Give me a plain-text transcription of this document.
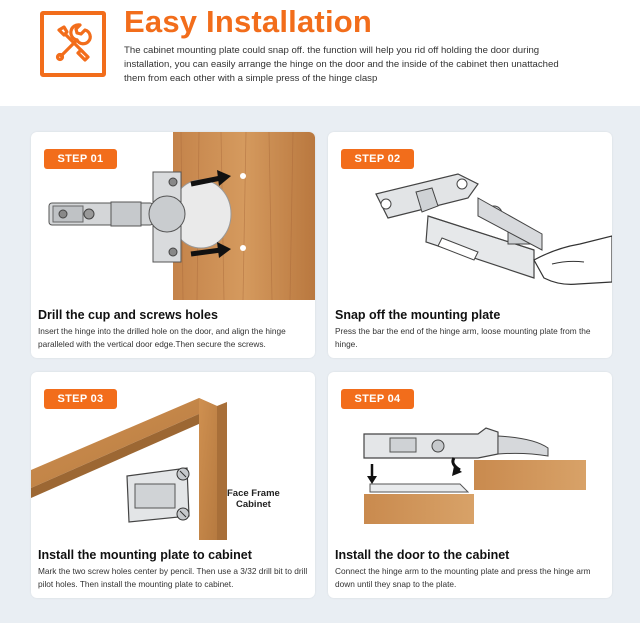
Easy Installation
The cabinet mounting plate could snap off. the function will help you rid off holding the door during installation, you can easily arrange the hinge on the door and the inside of the cabinet then unattached them from each other with a simple press of the hinge clasp
STEP 01
Drill the cup and screws holes
Insert the hinge into the drilled hole on the door, and align the hinge paralleled with the vertical door edge.Then secure the screws.
STEP 02
Snap off the mounting plate
Press the bar the end of the hinge arm, loose mounting plate from the hinge.
STEP 03
Face Frame
Cabinet
Install the mounting plate to cabinet
Mark the two screw holes center by pencil. Then use a 3/32 drill bit to drill pilot holes. Then install the mounting plate to cabinet.
STEP 04
Install the door to the cabinet
Connect the hinge arm to the mounting plate and press the hinge arm down until they snap to the plate.
